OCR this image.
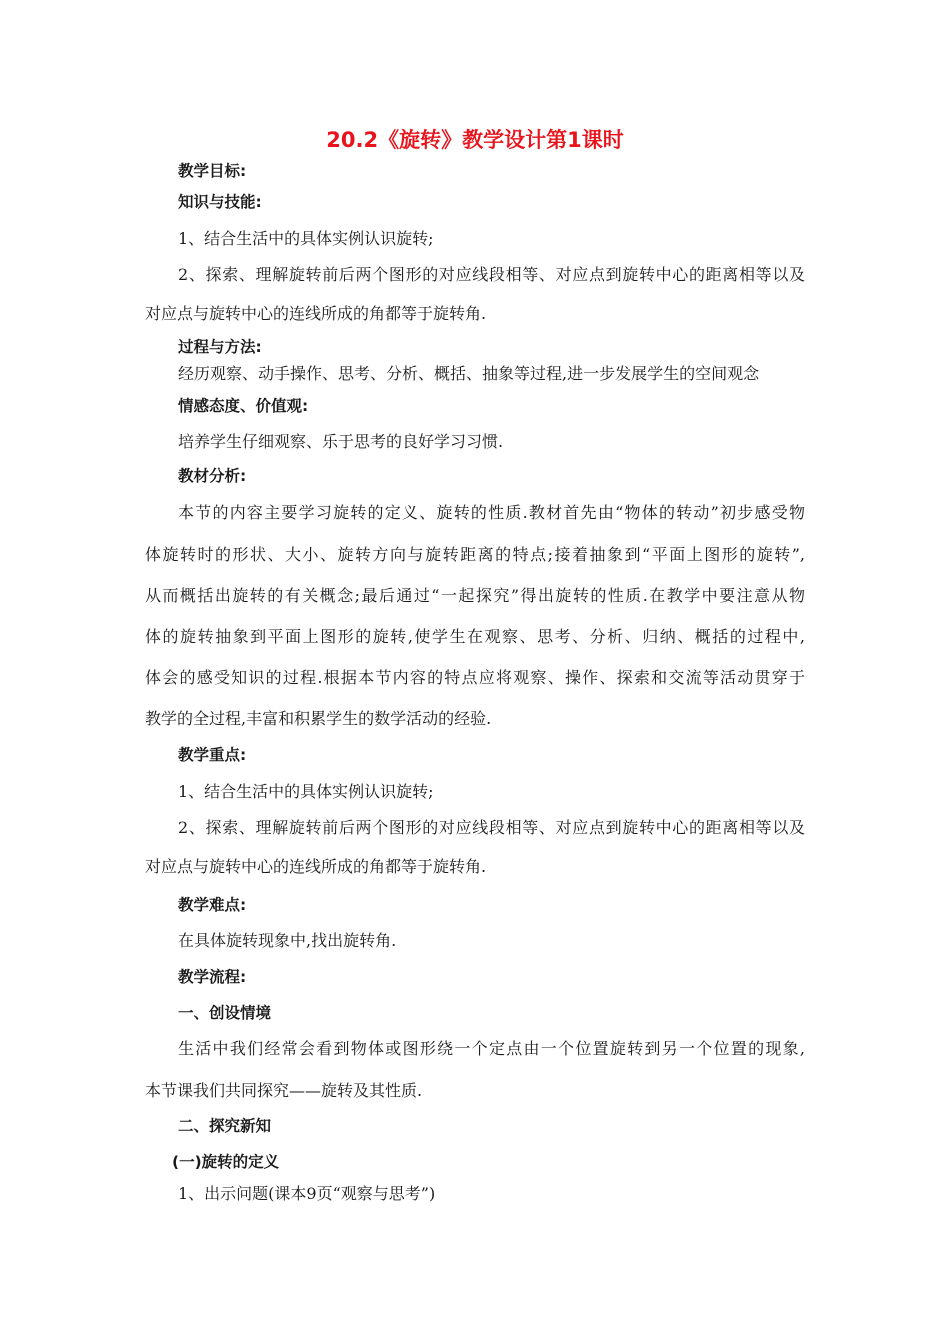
20.2《旋转》教学设计第1课时
教学目标:
知识与技能:
1、结合生活中的具体实例认识旋转;
2、探索、理解旋转前后两个图形的对应线段相等、对应点到旋转中心的距离相等以及
对应点与旋转中心的连线所成的角都等于旋转角.
过程与方法:
经历观察、动手操作、思考、分析、概括、抽象等过程,进一步发展学生的空间观念
情感态度、价值观:
培养学生仔细观察、乐于思考的良好学习习惯.
教材分析:
本节的内容主要学习旋转的定义、旋转的性质.教材首先由“物体的转动”初步感受物
体旋转时的形状、大小、旋转方向与旋转距离的特点;接着抽象到“平面上图形的旋转”,
从而概括出旋转的有关概念;最后通过“一起探究”得出旋转的性质.在教学中要注意从物
体的旋转抽象到平面上图形的旋转,使学生在观察、思考、分析、归纳、概括的过程中,
体会的感受知识的过程.根据本节内容的特点应将观察、操作、探索和交流等活动贯穿于
教学的全过程,丰富和积累学生的数学活动的经验.
教学重点:
1、结合生活中的具体实例认识旋转;
2、探索、理解旋转前后两个图形的对应线段相等、对应点到旋转中心的距离相等以及
对应点与旋转中心的连线所成的角都等于旋转角.
教学难点:
在具体旋转现象中,找出旋转角.
教学流程:
一、创设情境
生活中我们经常会看到物体或图形绕一个定点由一个位置旋转到另一个位置的现象,
本节课我们共同探究——旋转及其性质.
二、探究新知
(一)旋转的定义
1、出示问题(课本9页“观察与思考”)
